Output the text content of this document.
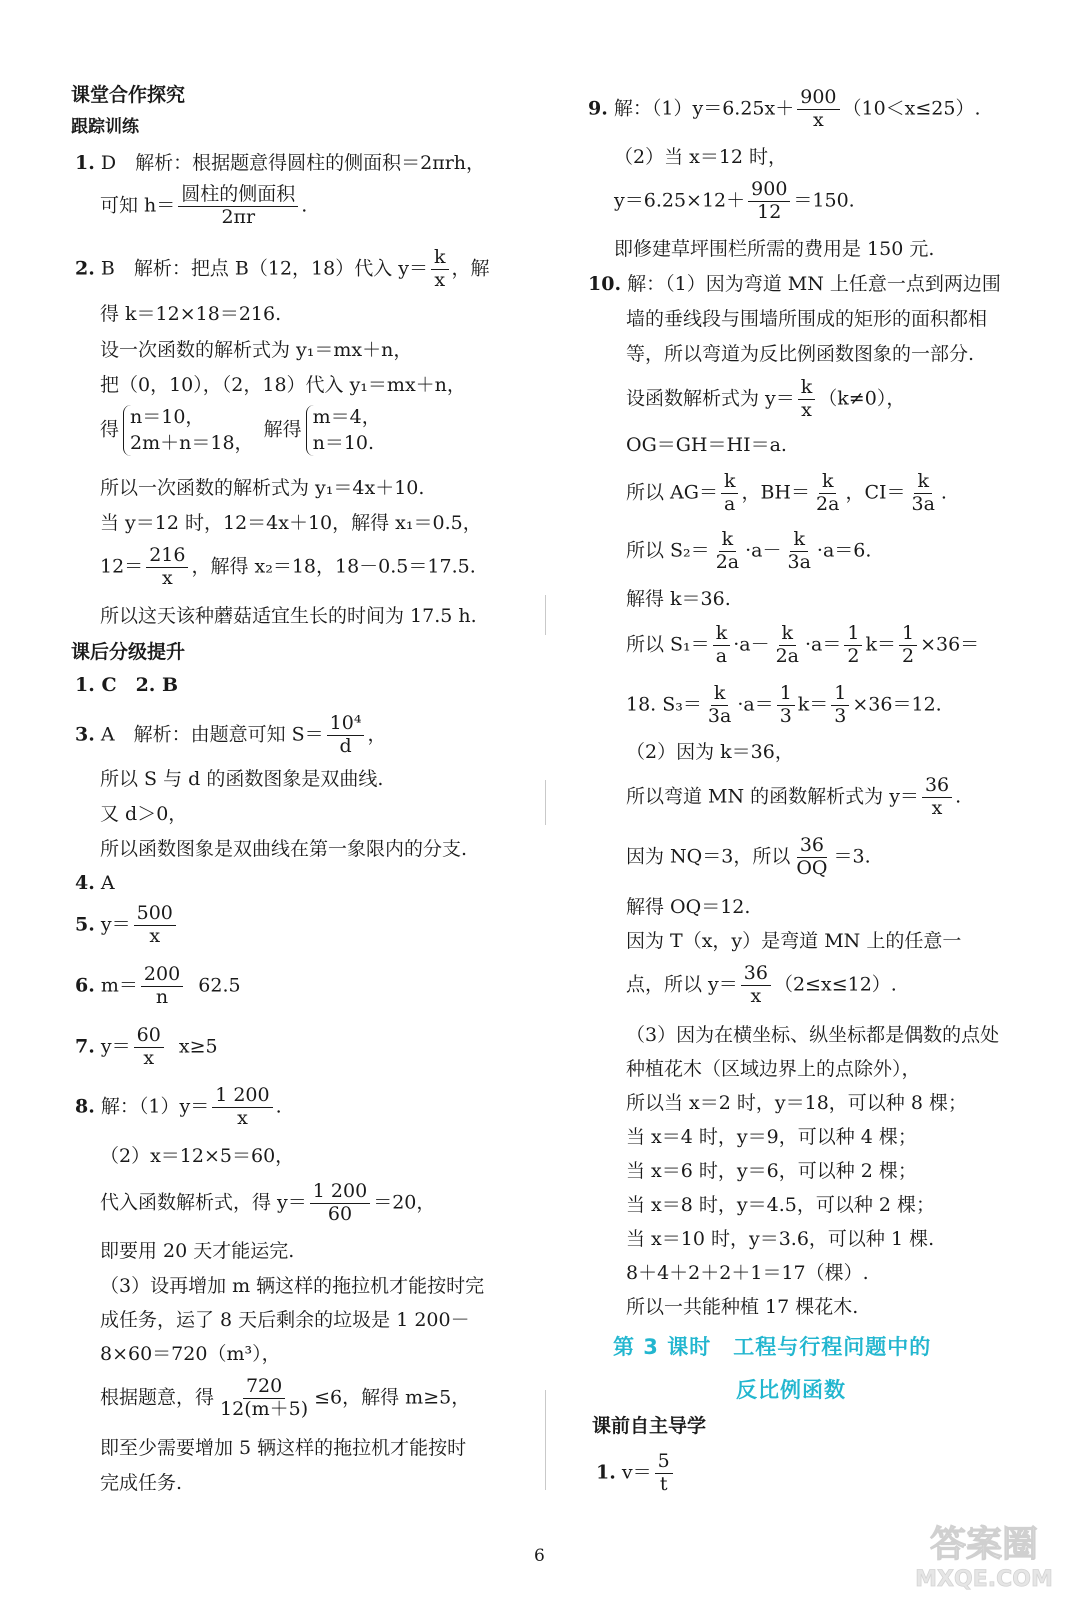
课堂合作探究
跟踪训练
1. D　解析：根据题意得圆柱的侧面积＝2πrh，
可知 $h= \frac{\text{圆柱的侧面积}}{2\pi r}$ .
2. B　解析：把点 B（12，18）代入 $y= \frac{k}{x}$ ，解
得 k＝12×18＝216.
设一次函数的解析式为 y₁＝mx＋n，
把（0，10），（2，18）代入 y₁＝mx＋n，
得n＝10，
2m＋n＝18， 解得m＝4，
n＝10.
所以一次函数的解析式为 y₁＝4x＋10.
当 y＝12 时，12＝4x＋10，解得 x₁＝0.5，
$12= \frac{216}{x}$ ，解得 x₂＝18，18－0.5＝17.5.
所以这天该种蘑菇适宜生长的时间为 17.5 h.
课后分级提升
1. C　2. B
3. A　解析：由题意可知 $S= \frac{\text{10⁴}}{d}$ ，
所以 S 与 d 的函数图象是双曲线.
又 d＞0，
所以函数图象是双曲线在第一象限内的分支.
4. A
5. $y= \frac{500}{x}$
6. $m= \frac{200}{n} 62.5$
7. $y= \frac{60}{x} x\ge 5$
8. 解：$(1)y= \frac{1 200}{x}$ .
（2）x＝12×5＝60，
代入函数解析式，得 $y= \frac{1 200}{60} =20$，
即要用 20 天才能运完.
（3）设再增加 m 辆这样的拖拉机才能按时完
成任务，运了 8 天后剩余的垃圾是 1 200－
8×60＝720（m³），
根据题意，得 $\frac{720}{12(m+5)} \le 6$，解得 m≥5，
即至少需要增加 5 辆这样的拖拉机才能按时
完成任务.
9. 解：$(1)y=6.25x+ \frac{900}{x} (10<x\le 25)$.
（2）当 x＝12 时，
$y=6.25\times 12+ \frac{900}{12} =150$.
即修建草坪围栏所需的费用是 150 元.
10. 解：（1）因为弯道 MN 上任意一点到两边围
墙的垂线段与围墙所围成的矩形的面积都相
等，所以弯道为反比例函数图象的一部分.
设函数解析式为 $y= \frac{k}{x} (k\ne 0)$，
OG＝GH＝HI＝a.
所以 $AG= \frac{k}{a}$ ，$BH= \frac{k}{2a}$ ，$CI= \frac{k}{3a}$ .
所以 $S_2= \frac{k}{2a} \cdot a- \frac{k}{3a} \cdot a=6$.
解得 k＝36.
所以 $S_1= \frac{k}{a} \cdot a- \frac{k}{2a} \cdot a= \frac{1}{2} k= \frac{1}{2} \times 36=$
18. $S_3= \frac{k}{3a} \cdot a= \frac{1}{3} k= \frac{1}{3} \times 36=12$.
（2）因为 k＝36，
所以弯道 MN 的函数解析式为 $y= \frac{36}{x}$ .
因为 NQ＝3，所以 $\frac{36}{OQ} =3$.
解得 OQ＝12.
因为 T（x，y）是弯道 MN 上的任意一
点，所以 $y= \frac{36}{x} (2\le x\le 12)$.
（3）因为在横坐标、纵坐标都是偶数的点处
种植花木（区域边界上的点除外），
所以当 x＝2 时，y＝18，可以种 8 棵；
当 x＝4 时，y＝9，可以种 4 棵；
当 x＝6 时，y＝6，可以种 2 棵；
当 x＝8 时，y＝4.5，可以种 2 棵；
当 x＝10 时，y＝3.6，可以种 1 棵.
8＋4＋2＋2＋1＝17（棵）.
所以一共能种植 17 棵花木.
第 3 课时　工程与行程问题中的
反比例函数
课前自主导学
1. $v= \frac{5}{t}$
6	答案圈
MXQE.COM
